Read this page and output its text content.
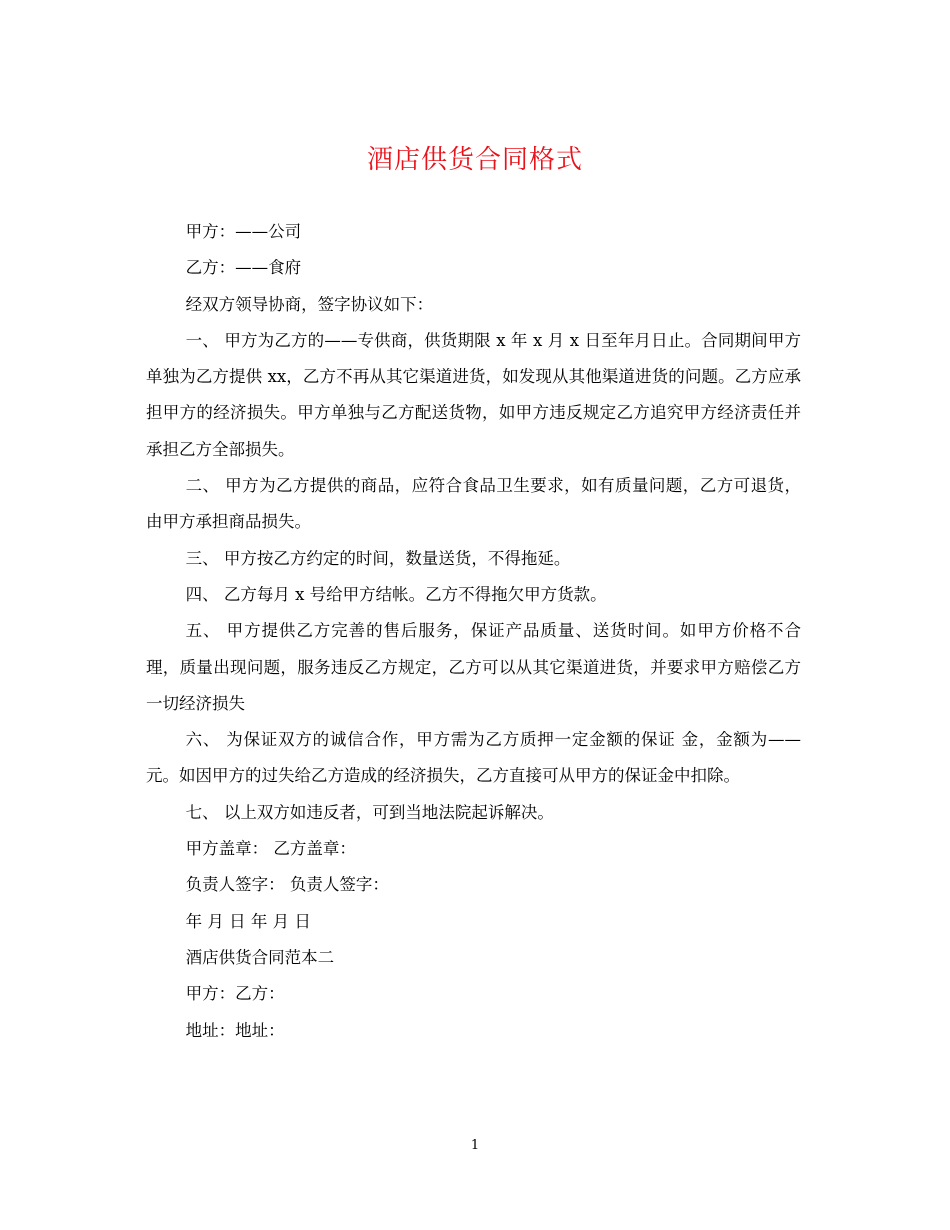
酒店供货合同格式

甲方：——公司

乙方：——食府

经双方领导协商，签字协议如下：

一、 甲方为乙方的——专供商，供货期限 x 年 x 月 x 日至年月日止。合同期间甲方单独为乙方提供 xx，乙方不再从其它渠道进货，如发现从其他渠道进货的问题。乙方应承担甲方的经济损失。甲方单独与乙方配送货物，如甲方违反规定乙方追究甲方经济责任并承担乙方全部损失。

二、 甲方为乙方提供的商品，应符合食品卫生要求，如有质量问题，乙方可退货，由甲方承担商品损失。

三、 甲方按乙方约定的时间，数量送货，不得拖延。

四、 乙方每月 x 号给甲方结帐。乙方不得拖欠甲方货款。

五、 甲方提供乙方完善的售后服务，保证产品质量、送货时间。如甲方价格不合理，质量出现问题，服务违反乙方规定，乙方可以从其它渠道进货，并要求甲方赔偿乙方一切经济损失

六、 为保证双方的诚信合作，甲方需为乙方质押一定金额的保证 金，金额为——元。如因甲方的过失给乙方造成的经济损失，乙方直接可从甲方的保证金中扣除。

七、 以上双方如违反者，可到当地法院起诉解决。

甲方盖章： 乙方盖章：

负责人签字： 负责人签字：

年 月 日 年 月 日

酒店供货合同范本二

甲方：乙方：

地址：地址：

1
